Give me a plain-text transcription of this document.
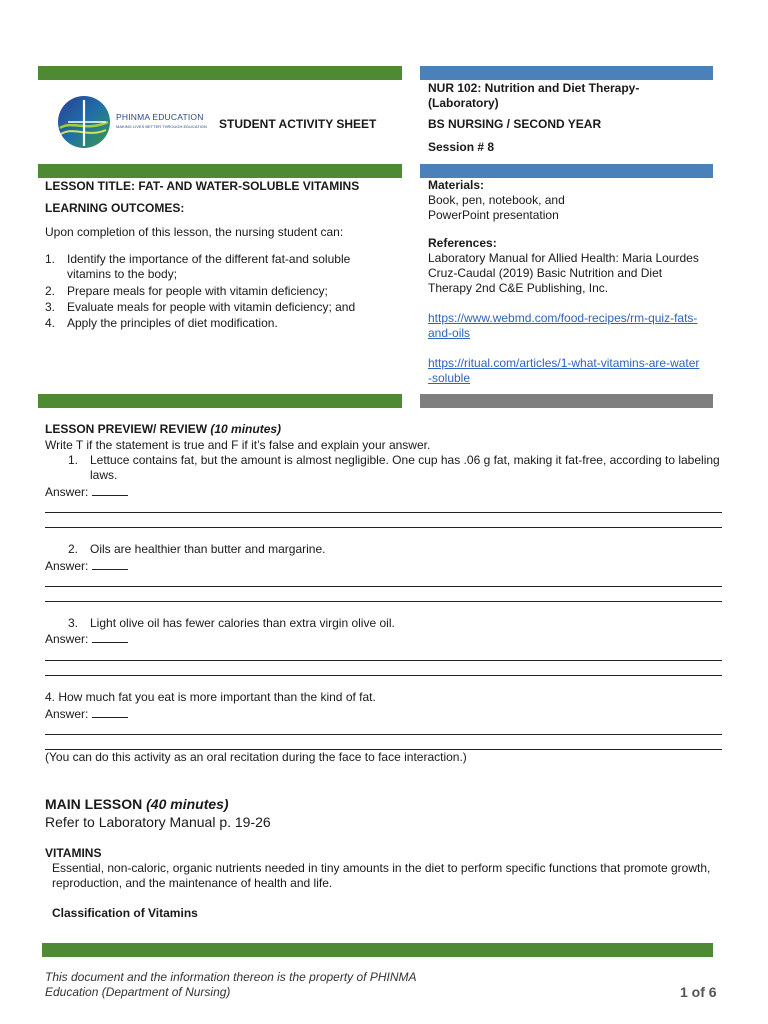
PHINMA EDUCATION
MAKING LIVES BETTER THROUGH EDUCATION STUDENT ACTIVITY SHEET
NUR 102: Nutrition and Diet Therapy-(Laboratory)
BS NURSING / SECOND YEAR
Session # 8
LESSON TITLE: FAT- AND WATER-SOLUBLE VITAMINS
LEARNING OUTCOMES:
Upon completion of this lesson, the nursing student can:
1. Identify the importance of the different fat-and soluble vitamins to the body;
2. Prepare meals for people with vitamin deficiency;
3. Evaluate meals for people with vitamin deficiency; and
4. Apply the principles of diet modification.
Materials:
Book, pen, notebook, and PowerPoint presentation
References:
Laboratory Manual for Allied Health: Maria Lourdes Cruz-Caudal (2019) Basic Nutrition and Diet Therapy 2nd C&E Publishing, Inc.
https://www.webmd.com/food-recipes/rm-quiz-fats-and-oils
https://ritual.com/articles/1-what-vitamins-are-water-soluble
LESSON PREVIEW/ REVIEW (10 minutes)
Write T if the statement is true and F if it’s false and explain your answer.
1. Lettuce contains fat, but the amount is almost negligible. One cup has .06 g fat, making it fat-free, according to labeling laws.
Answer:
2. Oils are healthier than butter and margarine.
Answer:
3. Light olive oil has fewer calories than extra virgin olive oil.
Answer:
4. How much fat you eat is more important than the kind of fat.
Answer:
(You can do this activity as an oral recitation during the face to face interaction.)
MAIN LESSON (40 minutes)
Refer to Laboratory Manual p. 19-26
VITAMINS
Essential, non-caloric, organic nutrients needed in tiny amounts in the diet to perform specific functions that promote growth, reproduction, and the maintenance of health and life.
Classification of Vitamins
This document and the information thereon is the property of PHINMA Education (Department of Nursing)	1 of 6
